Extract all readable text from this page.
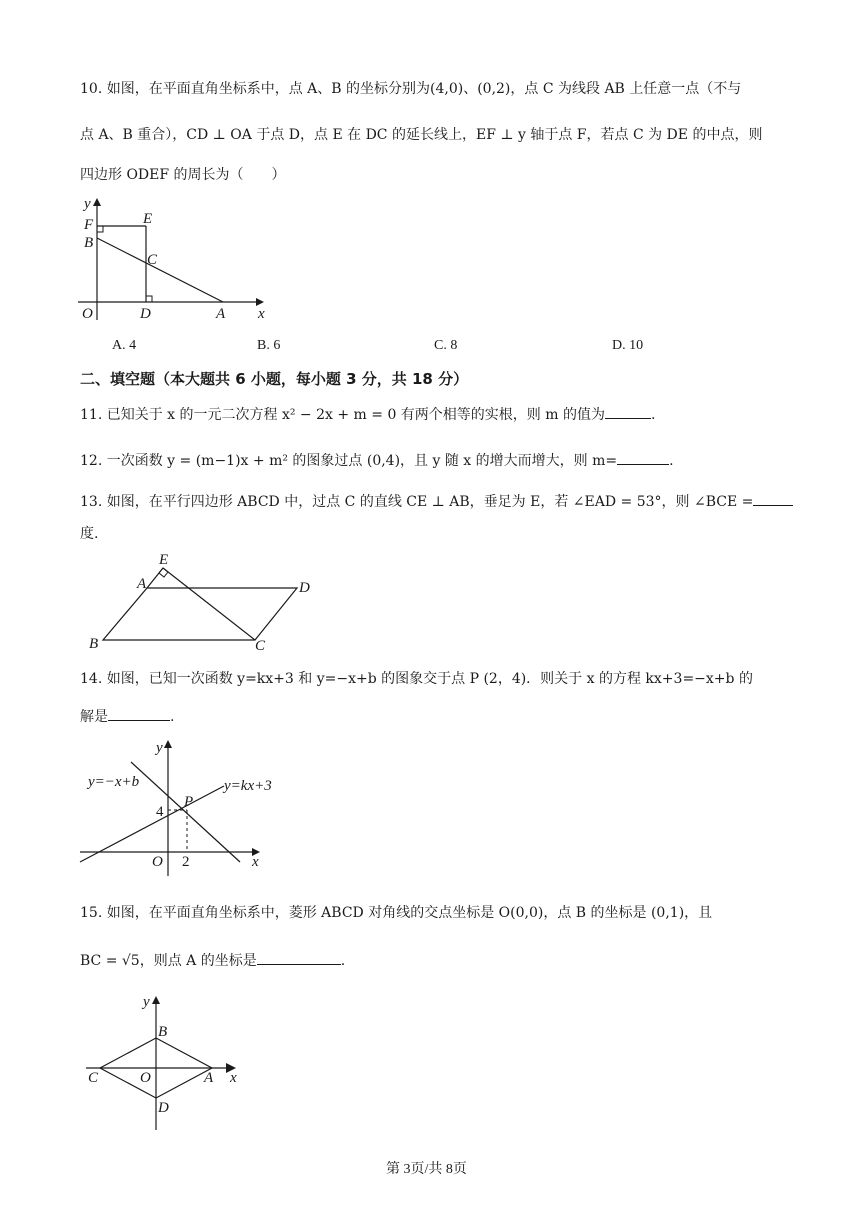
10. 如图，在平面直角坐标系中，点 A、B 的坐标分别为(4,0)、(0,2)，点 C 为线段 AB 上任意一点（不与
点 A、B 重合），CD ⊥ OA 于点 D，点 E 在 DC 的延长线上，EF ⊥ y 轴于点 F，若点 C 为 DE 的中点，则
四边形 ODEF 的周长为（　　）
y
x
O
F
B
E
C
D	A
A. 4	B. 6	C. 8	D. 10
二、填空题（本大题共 6 小题，每小题 3 分，共 18 分）
11. 已知关于 x 的一元二次方程 x² − 2x + m = 0 有两个相等的实根，则 m 的值为	.
12. 一次函数 y = (m−1)x + m² 的图象过点 (0,4)，且 y 随 x 的增大而增大，则 m=	.
13. 如图，在平行四边形 ABCD 中，过点 C 的直线 CE ⊥ AB，垂足为 E，若 ∠EAD = 53°，则 ∠BCE =
度.
E
A	D
B	C
14. 如图，已知一次函数 y=kx+3 和 y=−x+b 的图象交于点 P (2，4)．则关于 x 的方程 kx+3=−x+b 的
解是	.
y
x
O
P
4
2
y=−x+b	y=kx+3
15. 如图，在平面直角坐标系中，菱形 ABCD 对角线的交点坐标是 O(0,0)，点 B 的坐标是 (0,1)，且
BC = √5，则点 A 的坐标是	.
y
x
B
C	O	A
D
第 3页/共 8页
